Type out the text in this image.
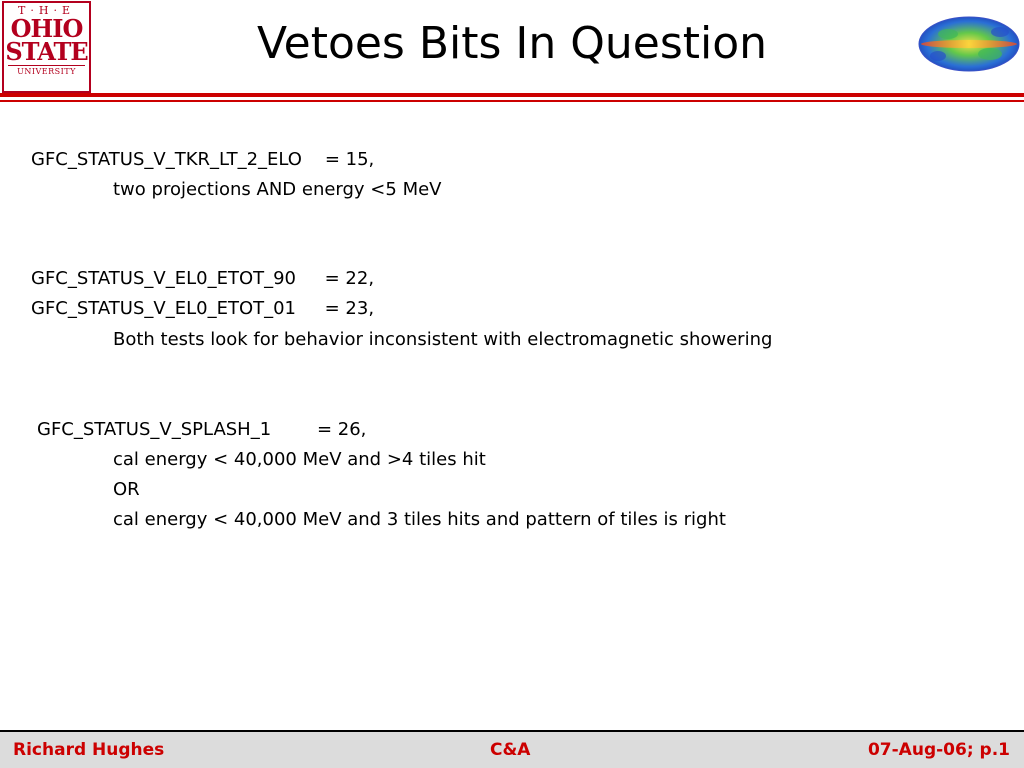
T·H·E
OHIO
STATE
UNIVERSITY
Vetoes Bits In Question
GFC_STATUS_V_TKR_LT_2_ELO    = 15,
two projections AND energy <5 MeV
GFC_STATUS_V_EL0_ETOT_90     = 22,
GFC_STATUS_V_EL0_ETOT_01     = 23,
Both tests look for behavior inconsistent with electromagnetic showering
GFC_STATUS_V_SPLASH_1        = 26,
cal energy < 40,000 MeV and >4 tiles hit
OR
cal energy < 40,000 MeV and 3 tiles hits and pattern of tiles is right
Richard Hughes	C&A	07-Aug-06; p.1
